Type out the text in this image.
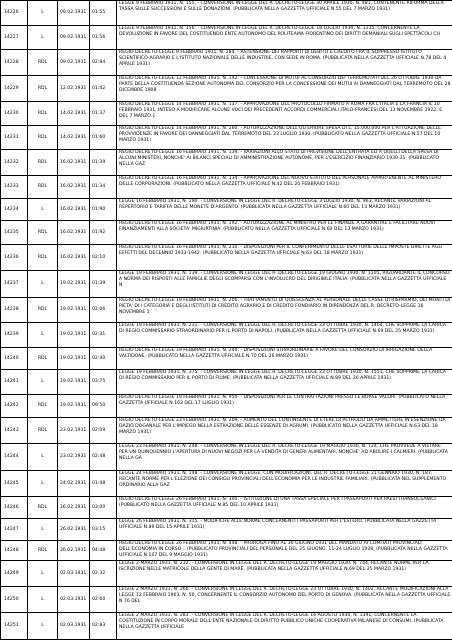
14226	L	09.02.1931	01:55	LEGGE 9 FEBBRAIO 1931, N. 155. - CONVERSIONE IN LEGGE DEL R. DECRETO-LEGGE 30 APRILE 1930, N. 481, CONTENENTE RIFORMA DELLA TASSA SULLE SUCCESSIONI E SULLE DONAZIONI. (PUBBLICATA NELLA GAZZETTA UFFICIALE N.55 DEL 7 MARZO 1931)

14227	L	09.02.1931	01:56	LEGGE 9 FEBBRAIO 1931, N. 156. - CONVERSIONE IN LEGGE DEL R. DECRETO-LEGGE 18 LUGLIO 1930, N. 1135, CONCERNENTE LA DEVOLUZIONE IN FAVORE DEL COSTITUENDO ENTE AUTONOMO DEL POLITEAMA FIORENTINO DEI DIRITTI DEMANIALI SUGLI SPETTACOLI CH

14228	RDL	09.02.1931	02:84	REGIO DECRETO-LEGGE 9 FEBBRAIO 1931, N. 284. - ASTENSIONE DEI RAPPORTI DI DEBITO E CREDITO FRA IL SOPPRESSO ISTITUTO SCIENTIFICO-AGRARIO E L'ISTITUTO NAZIONALE DELLE INDUSTRIE, CON SEDE IN ROMA. (PUBBLICATA NELLA GAZZETTA UFFICIALE N.78 DEL 4 APRILE 1931)

14229	RDL	12.02.1931	01:42	REGIO DECRETO-LEGGE 12 FEBBRAIO 1931, N. 142. - CONCESSIONE DI MUTUI AL CONSORZIO DEI TERREMOTATI DEL 26 OTTOBRE 1930 DA PARTE DELLA COSTITUENDA SEZIONE AUTONOMA DEL CONSORZIO PER LA CONCESSIONE DEI MUTUI AI DANNEGGIATI DAL TERREMOTO DEL 28 DICEMBRE 1908

14230	RDL	14.02.1931	01:37	REGIO DECRETO-LEGGE 14 FEBBRAIO 1931, N. 137. - APPROVAZIONE DEL PROTOCOLLO FIRMATO A ROMA FRA L'ITALIA E LA FRANCIA IL 10 FEBBRAIO 1931, INTESO A MODIFICARE ALCUNE VOCI DEI PRECEDENTI ACCORDI COMMERCIALI ITALO-FRANCESI DEL 13 NOVEMBRE 1922, E DEL 7 MARZO 1

14231	RDL	14.02.1931	01:60	REGIO DECRETO-LEGGE 14 FEBBRAIO 1931, N. 160. - AUTORIZZAZIONE DELL'ULTERIORE SPESA DI L. 15.000.000 PER L'ATTUAZIONE DELLE PROVVIDENZE IN FAVORE DEI DANNEGGIATI DAL TERREMOTO DEL 23 LUGLIO 1930. (PUBBLICATO NELLA GAZZETTA UFFICIALE N.57 DEL 10 MARZO 1931)

14232	RDL	16.02.1931	01:39	REGIO DECRETO-LEGGE 16 FEBBRAIO 1931, N. 139. - VARIAZIONI ALLO STATO DI PREVISIONE DELL'ENTRATA ED A QUELLI DELLA SPESA DI ALCUNI MINISTERI, NONCHE' AI BILANCI SPECIALI DI AMMINISTRAZIONE AUTONOME, PER L'ESERCIZIO FINANZIARIO 1930-31. (PUBBLICATO NELLA GAZ

14233	RDL	16.02.1931	01:34	REGIO DECRETO-LEGGE 16 FEBBRAIO 1931, N. 134. - APPROVAZIONE DEL NUOVO STATUTO DEL PERSONALE APPARTENENTE AL MINISTERO DELLE CORPORAZIONI. (PUBBLICATO NELLA GAZZETTA UFFICIALE N.42 DEL 20 FEBBRAIO 1931)

14234	L	16.02.1931	01:90	LEGGE 16 FEBBRAIO 1931, N. 190. - CONVERSIONE IN LEGGE DEL R. DECRETO-LEGGE 3 LUGLIO 1930, N. 963, RECANTE VARIAZIONI AL REPERTORIO E TARIFFA DELLE MONETE D'ARGENTO. (PUBBLICATA NELLA GAZZETTA UFFICIALE N.60 DEL 13 MARZO 1931)

14235	RDL	16.02.1931	01:92	REGIO DECRETO-LEGGE 16 FEBBRAIO 1931, N. 192. - AUTORIZZAZIONE AL MINISTRO PER LE FINANZE A GARANTIRE E FACILITARE NUOVI FINANZIAMENTI ALLA SOCIETA' MIGIURTINIA. (PUBBLICATO NELLA GAZZETTA UFFICIALE N.60 DEL 13 MARZO 1931)

14236	RDL	16.02.1931	02:10	REGIO DECRETO-LEGGE 16 FEBBRAIO 1931, N. 210. - DISPOSIZIONI PER IL CONFERIMENTO DELLE ESATTORIE DELLE IMPOSTE DIRETTE AGLI EFFETTI DEL DECENNIO 1933-1942. (PUBBLICATO NELLA GAZZETTA UFFICIALE N.63 DEL 18 MARZO 1931)

14237	L	19.02.1931	01:39	LEGGE 19 FEBBRAIO 1931, N. 139. - CONVERSIONE IN LEGGE DEL R. DECRETO-LEGGE 19 GIUGNO 1930, N. 1105, RIGUARDANTE IL CONCORSO A NORMA DEI RISPOSTI ALLE FAMIGLIE DEGLI SCOMPARSI CON L'INVOLUCRO DEL DIRIGIBILE ITALIA. (PUBBLICATA NELLA GAZZETTA UFFICIALE N

14238	RDL	19.02.1931	02:06	REGIO DECRETO-LEGGE 19 FEBBRAIO 1931, N. 206. - TRATTAMENTO DI QUIESCENZA AL PERSONALE DELLE CASSE DI RISPARMIO, DEI MONTI DI PIETA' DI I CATEGORIA E DEGLI ISTITUTI DI CREDITO AGRARIO E DI CREDITO FONDIARIO IN DIPENDENZA DEL R. DECRETO-LEGGE 16 NOVEMBRE 1

14239	L	19.02.1931	02:31	LEGGE 19 FEBBRAIO 1931, N. 231. - CONVERSIONE IN LEGGE DEL R. DECRETO-LEGGE 23 OTTOBRE 1930, N. 1464, CHE SOPPRIME LA CARICA DI REGIO COMMISSARIO STRAORDINARIO PER IL PORTO DI NAPOLI. (PUBBLICATA NELLA GAZZETTA UFFICIALE N.69 DEL 25 MARZO 1931)

14240	RDL	19.02.1931	02:40	REGIO DECRETO-LEGGE 19 FEBBRAIO 1931, N. 240. - DISPOSIZIONI STRAORDINARIE A FAVORE DEL CONSORZIO DI IRRIGAZIONE DELLA VALTIDONE. (PUBBLICATO NELLA GAZZETTA UFFICIALE N.70 DEL 26 MARZO 1931)

14241	L	19.02.1931	03:75	LEGGE 19 FEBBRAIO 1931, N. 375. - CONVERSIONE IN LEGGE DEL R. DECRETO-LEGGE 23 OTTOBRE 1930, N. 1551, CHE SOPPRIME LA CARICA DI REGIO COMMISSARIO PER IL PORTO DI FIUME. (PUBBLICATA NELLA GAZZETTA UFFICIALE N.89 DEL 20 APRILE 1931)

14242	RDL	19.02.1931	09:50	REGIO DECRETO-LEGGE 19 FEBBRAIO 1931, N. 950. - DISPOSIZIONI PER LE CONTRATTAZIONI PRESSO LE BORSE VALORI. (PUBBLICATO NELLA GAZZETTA UFFICIALE N.163 DEL 17 LUGLIO 1931)

14243	RDL	23.02.1931	02:09	REGIO DECRETO-LEGGE 23 FEBBRAIO 1931, N. 209. - AUMENTO DEL CONTINGENTE DI ETERE DI PETROLIO DA AMMETTERE IN ESENZIONE DA DAZIO DOGANALE PER L'IMPIEGO NELLA ESTRAZIONE DELLE ESSENZE DI AGRUMI. (PUBBLICATO NELLA GAZZETTA UFFICIALE N.63 DEL 18 MARZO 1931)

14244	L	23.02.1931	02:48	LEGGE 23 FEBBRAIO 1931, N. 248. - CONVERSIONE IN LEGGE DEL R. DECRETO-LEGGE 19 MAGGIO 1930, N. 724, CHE PROVVEDE A VIETARE PER UN QUINQUENNIO L'APERTURA DI NUOVI NEGOZI PER LA VENDITA DI GENERI ALIMENTARI, NONCHE' AD ABOLIRE I CALMIERI. (PUBBLICATA NELLA GA

14245	L	24.02.1931	01:48	LEGGE 24 FEBBRAIO 1931, N. 148. - CONVERSIONE IN LEGGE, CON MODIFICAZIONI, DEL R. DECRETO-LEGGE 21 GENNAIO 1930, N. 187, RECANTE NORME PER L'ELEZIONE DEI CONSIGLI PROVINCIALI DELL'ECONOMIA PER LE INDUSTRIE FAMILIARI. (PUBBLICATA NEL SUPPLEMENTO ORDINARIO ALLA GAZ

14246	RDL	26.02.1931	03:00	REGIO DECRETO-LEGGE 26 FEBBRAIO 1931, N. 300. - ISTITUZIONE DI UNA TASSA SPECIALE PER I PASSAPORTI PER PAESI TRANSOCEANICI. (PUBBLICATO NELLA GAZZETTA UFFICIALE N.85 DEL 10 APRILE 1931)

14247	L	26.02.1931	03:15	LEGGE 26 FEBBRAIO 1931, N. 315. - MODIFICHE ALLE NORME CONCERNENTI I PASSAPORTI PER L'ESTERO. (PUBBLICATA NELLA GAZZETTA UFFICIALE N.89 DEL 15 APRILE 1931)

14248	RDL	26.02.1931	04:48	REGIO DECRETO-LEGGE 26 FEBBRAIO 1931, N. 448. - PROROGA FINO AL 30 GIUGNO 1931 DEL MANDATO AI COMITATI PROVINCIALI DELL'ECONOMIA IN CORSO... (PUBBLICATO PROVINCIALI DEL PERSONALE DEL 25 GIUGNO, 11-24 LUGLIO 1928. (PUBBLICATA NELLA GAZZETTA UFFICIALE N.107 DEL 9 MAGGIO 1931)

14249	L	02.03.1931	02:32	LEGGE 2 MARZO 1931, N. 232. - CONVERSIONE IN LEGGE DEL R. DECRETO-LEGGE 19 MAGGIO 1930, N. 744, RECANTE NORME PER LA ISCRIZIONE NELLE MATRICOLE DELLA GENTE DI MARE. (PUBBLICATA NELLA GAZZETTA UFFICIALE N.69 DEL 25 MARZO 1931)

14250	L	02.03.1931	02:60	LEGGE 2 MARZO 1931, N. 260. - CONVERSIONE IN LEGGE DEL R. DECRETO-LEGGE 23 OTTOBRE 1930, N. 1402, RECANTE MODIFICAZIONI ALLA LEGGE 12 FEBBRAIO 1903, N. 50, CONCERNENTE IL CONSORZIO AUTONOMO DEL PORTO DI GENOVA. (PUBBLICATA NELLA GAZZETTA UFFICIALE N.76 DEL

14251	L	02.03.1931	02:83	LEGGE 2 MARZO 1931, N. 283. - CONVERSIONE IN LEGGE DEL R. DECRETO-LEGGE 16 AGOSTO 1930, N. 1391, CONCERNENTE LA COSTITUZIONE IN CORPO MORALE DELL'ENTE NAZIONALE DI DIRITTO PUBBLICO UNICHE COOPERATIVA MILANESE DI CONSUMI. (PUBBLICATA NELLA GAZZETTA UFFICIALE
